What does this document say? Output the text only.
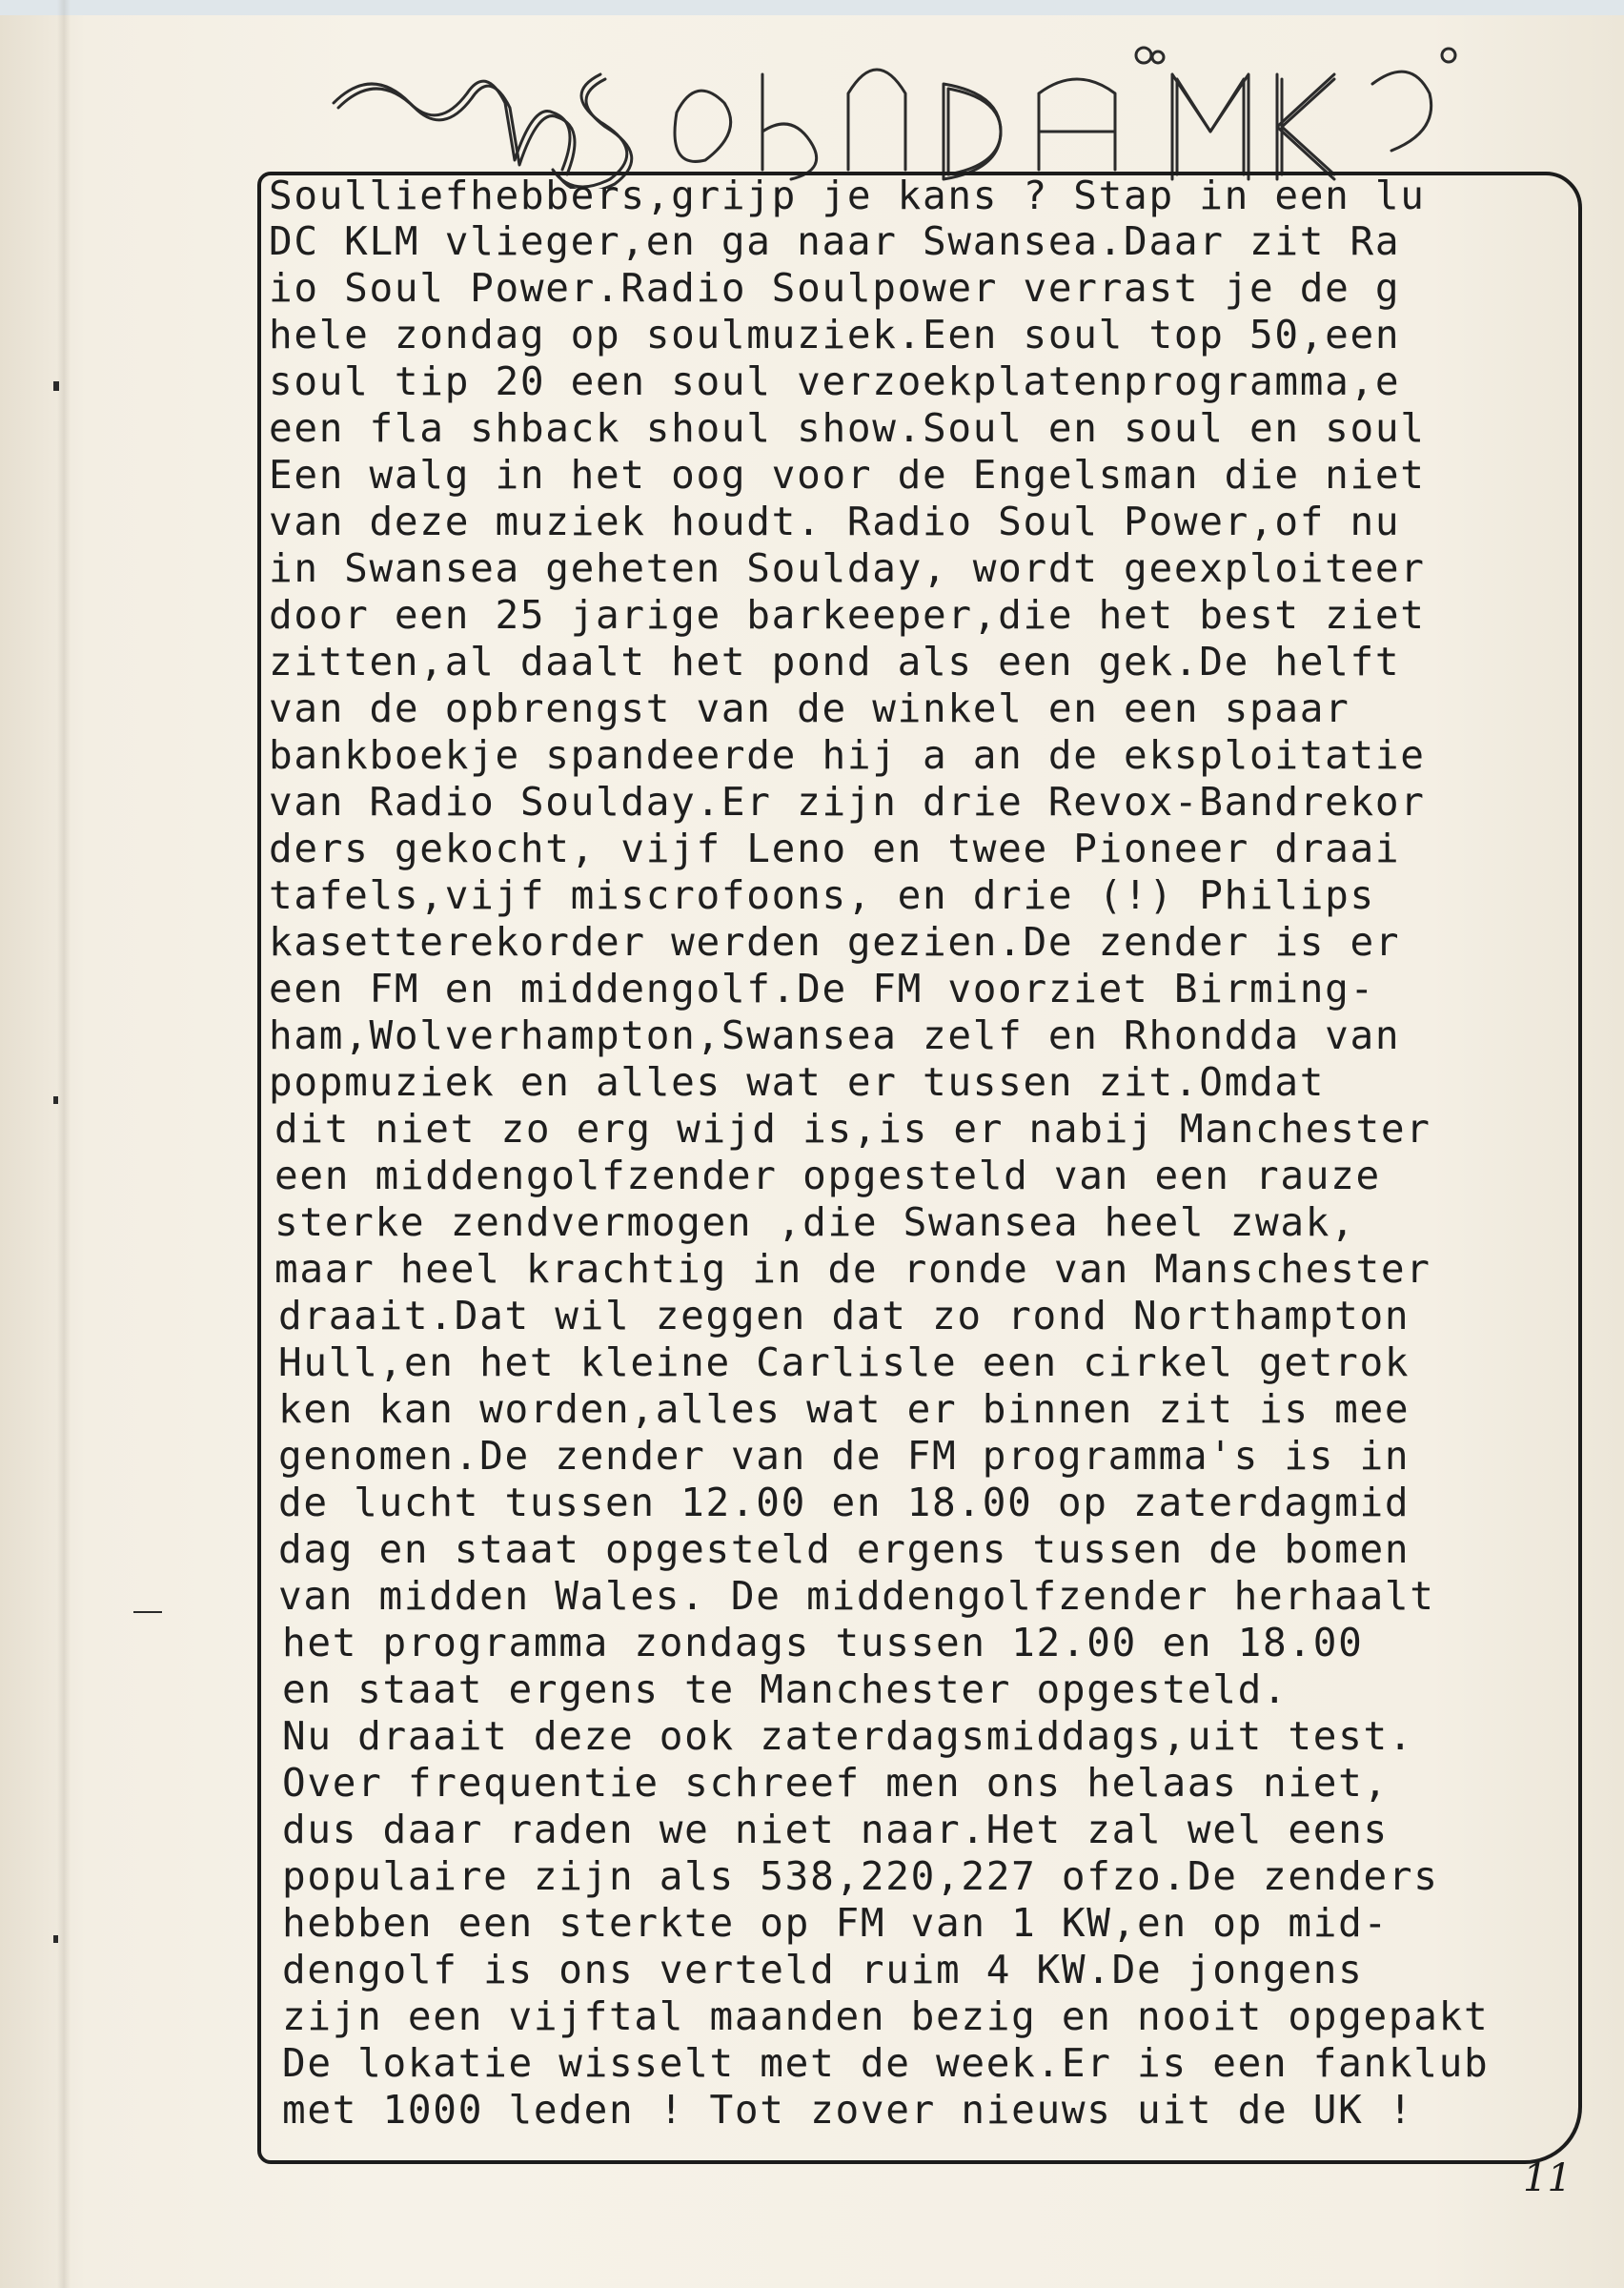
Soulliefhebbers,grijp je kans ? Stap in een lu
DC KLM vlieger,en ga naar Swansea.Daar zit Ra
io Soul Power.Radio Soulpower verrast je de g
hele zondag op soulmuziek.Een soul top 50,een
soul tip 20 een soul verzoekplatenprogramma,e
een fla shback shoul show.Soul en soul en soul
Een walg in het oog voor de Engelsman die niet
van deze muziek houdt. Radio Soul Power,of nu
in Swansea geheten Soulday, wordt geexploiteer
door een 25 jarige barkeeper,die het best ziet
zitten,al daalt het pond als een gek.De helft
van de opbrengst van de winkel en een spaar
bankboekje spandeerde hij a an de eksploitatie
van Radio Soulday.Er zijn drie Revox-Bandrekor
ders gekocht, vijf Leno en twee Pioneer draai
tafels,vijf miscrofoons, en drie (!) Philips
kasetterekorder werden gezien.De zender is er
een FM en middengolf.De FM voorziet Birming-
ham,Wolverhampton,Swansea zelf en Rhondda van
popmuziek en alles wat er tussen zit.Omdat
dit niet zo erg wijd is,is er nabij Manchester
een middengolfzender opgesteld van een rauze
sterke zendvermogen ,die Swansea heel zwak,
maar heel krachtig in de ronde van Manschester
draait.Dat wil zeggen dat zo rond Northampton
Hull,en het kleine Carlisle een cirkel getrok
ken kan worden,alles wat er binnen zit is mee
genomen.De zender van de FM programma's is in
de lucht tussen 12.00 en 18.00 op zaterdagmid
dag en staat opgesteld ergens tussen de bomen
van midden Wales. De middengolfzender herhaalt
het programma zondags tussen 12.00 en 18.00
en staat ergens te Manchester opgesteld.
Nu draait deze ook zaterdagsmiddags,uit test.
Over frequentie schreef men ons helaas niet,
dus daar raden we niet naar.Het zal wel eens
populaire zijn als 538,220,227 ofzo.De zenders
hebben een sterkte op FM van 1 KW,en op mid-
dengolf is ons verteld ruim 4 KW.De jongens
zijn een vijftal maanden bezig en nooit opgepakt
De lokatie wisselt met de week.Er is een fanklub
met 1000 leden ! Tot zover nieuws uit de UK !
11
